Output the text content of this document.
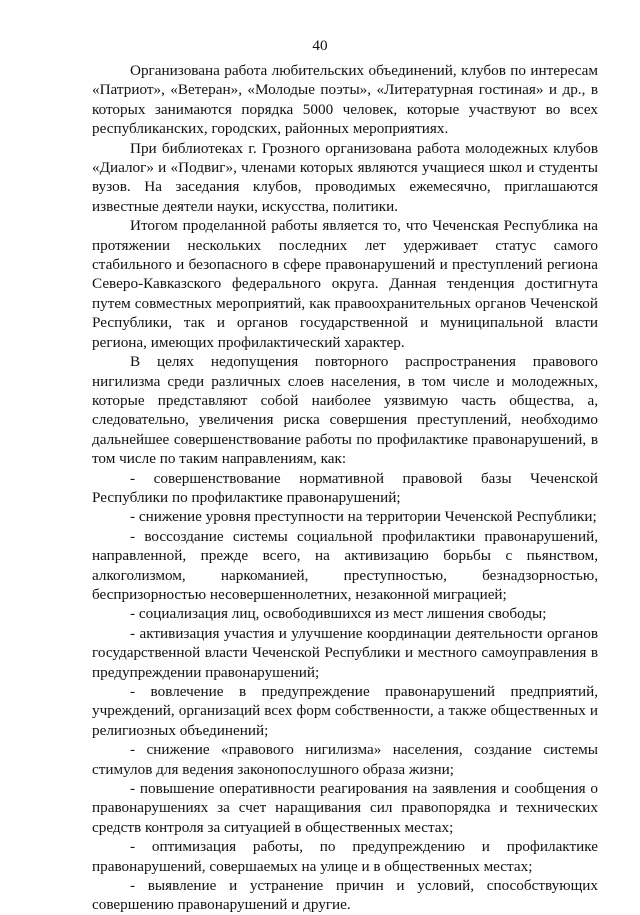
40

Организована работа любительских объединений, клубов по интересам «Патриот», «Ветеран», «Молодые поэты», «Литературная гостиная» и др., в которых занимаются порядка 5000 человек, которые участвуют во всех республиканских, городских, районных мероприятиях.

При библиотеках г. Грозного организована работа молодежных клубов «Диалог» и «Подвиг», членами которых являются учащиеся школ и студенты вузов. На заседания клубов, проводимых ежемесячно, приглашаются известные деятели науки, искусства, политики.

Итогом проделанной работы является то, что Чеченская Республика на протяжении нескольких последних лет удерживает статус самого стабильного и безопасного в сфере правонарушений и преступлений региона Северо-Кавказского федерального округа. Данная тенденция достигнута путем совместных мероприятий, как правоохранительных органов Чеченской Республики, так и органов государственной и муниципальной власти региона, имеющих профилактический характер.

В целях недопущения повторного распространения правового нигилизма среди различных слоев населения, в том числе и молодежных, которые представляют собой наиболее уязвимую часть общества, а, следовательно, увеличения риска совершения преступлений, необходимо дальнейшее совершенствование работы по профилактике правонарушений, в том числе по таким направлениям, как:

- совершенствование нормативной правовой базы Чеченской Республики по профилактике правонарушений;

- снижение уровня преступности на территории Чеченской Республики;

- воссоздание системы социальной профилактики правонарушений, направленной, прежде всего, на активизацию борьбы с пьянством, алкоголизмом, наркоманией, преступностью, безнадзорностью, беспризорностью несовершеннолетних, незаконной миграцией;

- социализация лиц, освободившихся из мест лишения свободы;

- активизация участия и улучшение координации деятельности органов государственной власти Чеченской Республики и местного самоуправления в предупреждении правонарушений;

- вовлечение в предупреждение правонарушений предприятий, учреждений, организаций всех форм собственности, а также общественных и религиозных объединений;

- снижение «правового нигилизма» населения, создание системы стимулов для ведения законопослушного образа жизни;

- повышение оперативности реагирования на заявления и сообщения о правонарушениях за счет наращивания сил правопорядка и технических средств контроля за ситуацией в общественных местах;

- оптимизация работы, по предупреждению и профилактике правонарушений, совершаемых на улице и в общественных местах;

- выявление и устранение причин и условий, способствующих совершению правонарушений и другие.
